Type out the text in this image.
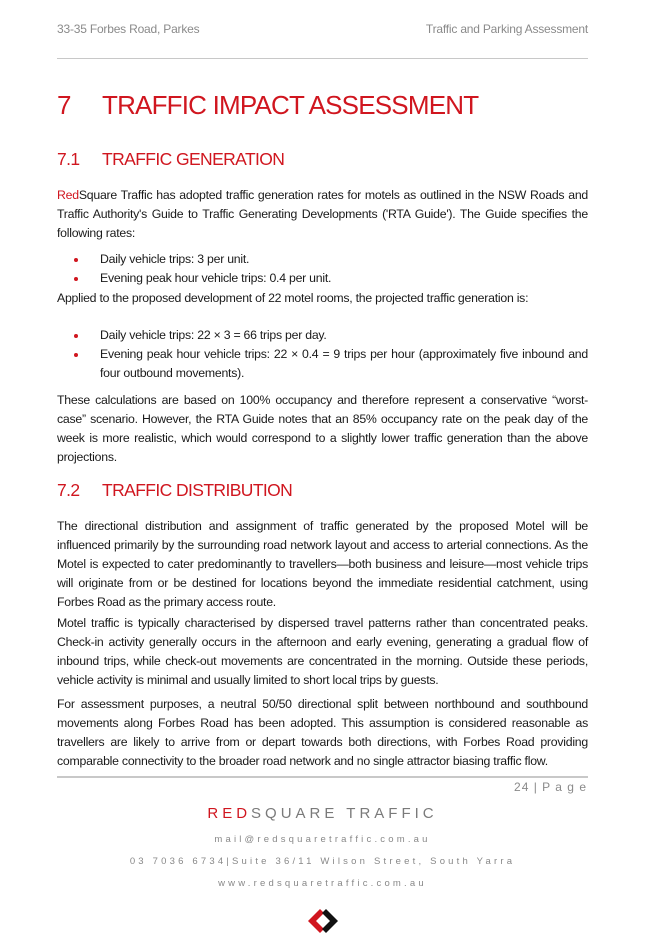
33-35 Forbes Road, Parkes	Traffic and Parking Assessment
7 TRAFFIC IMPACT ASSESSMENT
7.1 TRAFFIC GENERATION

RedSquare Traffic has adopted traffic generation rates for motels as outlined in the NSW Roads and Traffic Authority's Guide to Traffic Generating Developments ('RTA Guide'). The Guide specifies the following rates:

Daily vehicle trips: 3 per unit.
Evening peak hour vehicle trips: 0.4 per unit.

Applied to the proposed development of 22 motel rooms, the projected traffic generation is:

Daily vehicle trips: 22 × 3 = 66 trips per day.
Evening peak hour vehicle trips: 22 × 0.4 = 9 trips per hour (approximately five inbound and four outbound movements).

These calculations are based on 100% occupancy and therefore represent a conservative “worst-case” scenario. However, the RTA Guide notes that an 85% occupancy rate on the peak day of the week is more realistic, which would correspond to a slightly lower traffic generation than the above projections.

7.2 TRAFFIC DISTRIBUTION

The directional distribution and assignment of traffic generated by the proposed Motel will be influenced primarily by the surrounding road network layout and access to arterial connections. As the Motel is expected to cater predominantly to travellers—both business and leisure—most vehicle trips will originate from or be destined for locations beyond the immediate residential catchment, using Forbes Road as the primary access route.

Motel traffic is typically characterised by dispersed travel patterns rather than concentrated peaks. Check-in activity generally occurs in the afternoon and early evening, generating a gradual flow of inbound trips, while check-out movements are concentrated in the morning. Outside these periods, vehicle activity is minimal and usually limited to short local trips by guests.

For assessment purposes, a neutral 50/50 directional split between northbound and southbound movements along Forbes Road has been adopted. This assumption is considered reasonable as travellers are likely to arrive from or depart towards both directions, with Forbes Road providing comparable connectivity to the broader road network and no single attractor biasing traffic flow.

24 | P a g e
REDSQUARE TRAFFIC
mail@redsquaretraffic.com.au
03 7036 6734|Suite 36/11 Wilson Street, South Yarra
www.redsquaretraffic.com.au
